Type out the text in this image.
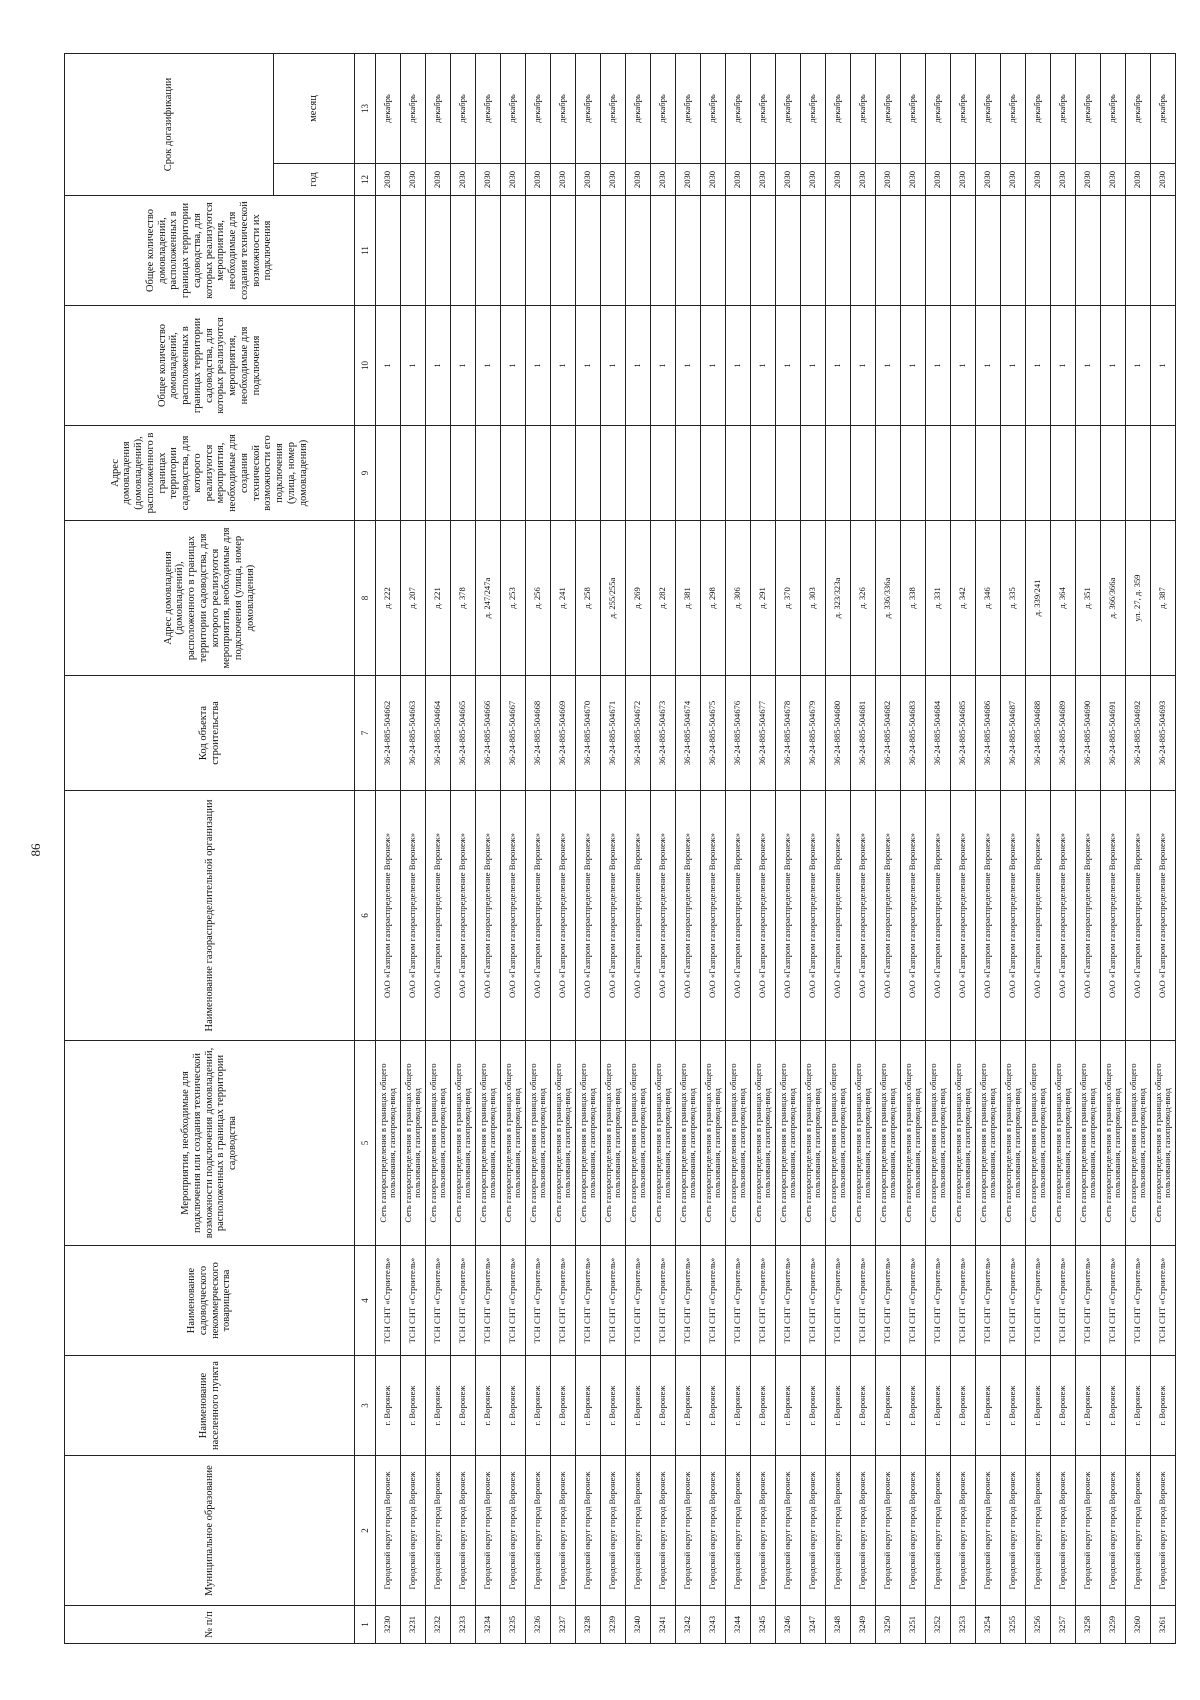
86
№ п/п	Муниципальное образование	Наименование населенного пункта	Наименование садоводческого некоммерческого товарищества	Мероприятия, необходимые для подключения или создания технической возможности подключения домовладений, расположенных в границах территории садоводства	Наименование газораспределительной организации	Код объекта строительства	Адрес домовладения (домовладений), расположенного в границах территории садоводства, для которого реализуются мероприятия, необходимые для подключения (улица, номер домовладения)	Адрес домовладения (домовладений), расположенного в границах территории садоводства, для которого реализуются мероприятия, необходимые для создания технической возможности его подключения (улица, номер домовладения)	Общее количество домовладений, расположенных в границах территории садоводства, для которых реализуются мероприятия, необходимые для подключения	Общее количество домовладений, расположенных в границах территории садоводства, для которых реализуются мероприятия, необходимые для создания технической возможности их подключения	Срок догазификации	
											год	месяц
1	2	3	4	5	6	7	8	9	10	11	12	13
3230	Городской округ город Воронеж	г. Воронеж	ТСН СНТ «Строитель»	Сеть газораспределения в границах общего пользования, газопровод-ввод	ОАО «Газпром газораспределение Воронеж»	36-24-885-504662	д. 222		1		2030	декабрь
3231	Городской округ город Воронеж	г. Воронеж	ТСН СНТ «Строитель»	Сеть газораспределения в границах общего пользования, газопровод-ввод	ОАО «Газпром газораспределение Воронеж»	36-24-885-504663	д. 207		1		2030	декабрь
3232	Городской округ город Воронеж	г. Воронеж	ТСН СНТ «Строитель»	Сеть газораспределения в границах общего пользования, газопровод-ввод	ОАО «Газпром газораспределение Воронеж»	36-24-885-504664	д. 221		1		2030	декабрь
3233	Городской округ город Воронеж	г. Воронеж	ТСН СНТ «Строитель»	Сеть газораспределения в границах общего пользования, газопровод-ввод	ОАО «Газпром газораспределение Воронеж»	36-24-885-504665	д. 378		1		2030	декабрь
3234	Городской округ город Воронеж	г. Воронеж	ТСН СНТ «Строитель»	Сеть газораспределения в границах общего пользования, газопровод-ввод	ОАО «Газпром газораспределение Воронеж»	36-24-885-504666	д. 247/247а		1		2030	декабрь
3235	Городской округ город Воронеж	г. Воронеж	ТСН СНТ «Строитель»	Сеть газораспределения в границах общего пользования, газопровод-ввод	ОАО «Газпром газораспределение Воронеж»	36-24-885-504667	д. 253		1		2030	декабрь
3236	Городской округ город Воронеж	г. Воронеж	ТСН СНТ «Строитель»	Сеть газораспределения в границах общего пользования, газопровод-ввод	ОАО «Газпром газораспределение Воронеж»	36-24-885-504668	д. 256		1		2030	декабрь
3237	Городской округ город Воронеж	г. Воронеж	ТСН СНТ «Строитель»	Сеть газораспределения в границах общего пользования, газопровод-ввод	ОАО «Газпром газораспределение Воронеж»	36-24-885-504669	д. 241		1		2030	декабрь
3238	Городской округ город Воронеж	г. Воронеж	ТСН СНТ «Строитель»	Сеть газораспределения в границах общего пользования, газопровод-ввод	ОАО «Газпром газораспределение Воронеж»	36-24-885-504670	д. 258		1		2030	декабрь
3239	Городской округ город Воронеж	г. Воронеж	ТСН СНТ «Строитель»	Сеть газораспределения в границах общего пользования, газопровод-ввод	ОАО «Газпром газораспределение Воронеж»	36-24-885-504671	д. 255/255а		1		2030	декабрь
3240	Городской округ город Воронеж	г. Воронеж	ТСН СНТ «Строитель»	Сеть газораспределения в границах общего пользования, газопровод-ввод	ОАО «Газпром газораспределение Воронеж»	36-24-885-504672	д. 269		1		2030	декабрь
3241	Городской округ город Воронеж	г. Воронеж	ТСН СНТ «Строитель»	Сеть газораспределения в границах общего пользования, газопровод-ввод	ОАО «Газпром газораспределение Воронеж»	36-24-885-504673	д. 282		1		2030	декабрь
3242	Городской округ город Воронеж	г. Воронеж	ТСН СНТ «Строитель»	Сеть газораспределения в границах общего пользования, газопровод-ввод	ОАО «Газпром газораспределение Воронеж»	36-24-885-504674	д. 381		1		2030	декабрь
3243	Городской округ город Воронеж	г. Воронеж	ТСН СНТ «Строитель»	Сеть газораспределения в границах общего пользования, газопровод-ввод	ОАО «Газпром газораспределение Воронеж»	36-24-885-504675	д. 298		1		2030	декабрь
3244	Городской округ город Воронеж	г. Воронеж	ТСН СНТ «Строитель»	Сеть газораспределения в границах общего пользования, газопровод-ввод	ОАО «Газпром газораспределение Воронеж»	36-24-885-504676	д. 306		1		2030	декабрь
3245	Городской округ город Воронеж	г. Воронеж	ТСН СНТ «Строитель»	Сеть газораспределения в границах общего пользования, газопровод-ввод	ОАО «Газпром газораспределение Воронеж»	36-24-885-504677	д. 291		1		2030	декабрь
3246	Городской округ город Воронеж	г. Воронеж	ТСН СНТ «Строитель»	Сеть газораспределения в границах общего пользования, газопровод-ввод	ОАО «Газпром газораспределение Воронеж»	36-24-885-504678	д. 370		1		2030	декабрь
3247	Городской округ город Воронеж	г. Воронеж	ТСН СНТ «Строитель»	Сеть газораспределения в границах общего пользования, газопровод-ввод	ОАО «Газпром газораспределение Воронеж»	36-24-885-504679	д. 303		1		2030	декабрь
3248	Городской округ город Воронеж	г. Воронеж	ТСН СНТ «Строитель»	Сеть газораспределения в границах общего пользования, газопровод-ввод	ОАО «Газпром газораспределение Воронеж»	36-24-885-504680	д. 323/323а		1		2030	декабрь
3249	Городской округ город Воронеж	г. Воронеж	ТСН СНТ «Строитель»	Сеть газораспределения в границах общего пользования, газопровод-ввод	ОАО «Газпром газораспределение Воронеж»	36-24-885-504681	д. 326		1		2030	декабрь
3250	Городской округ город Воронеж	г. Воронеж	ТСН СНТ «Строитель»	Сеть газораспределения в границах общего пользования, газопровод-ввод	ОАО «Газпром газораспределение Воронеж»	36-24-885-504682	д. 336/336а		1		2030	декабрь
3251	Городской округ город Воронеж	г. Воронеж	ТСН СНТ «Строитель»	Сеть газораспределения в границах общего пользования, газопровод-ввод	ОАО «Газпром газораспределение Воронеж»	36-24-885-504683	д. 338		1		2030	декабрь
3252	Городской округ город Воронеж	г. Воронеж	ТСН СНТ «Строитель»	Сеть газораспределения в границах общего пользования, газопровод-ввод	ОАО «Газпром газораспределение Воронеж»	36-24-885-504684	д. 331		1		2030	декабрь
3253	Городской округ город Воронеж	г. Воронеж	ТСН СНТ «Строитель»	Сеть газораспределения в границах общего пользования, газопровод-ввод	ОАО «Газпром газораспределение Воронеж»	36-24-885-504685	д. 342		1		2030	декабрь
3254	Городской округ город Воронеж	г. Воронеж	ТСН СНТ «Строитель»	Сеть газораспределения в границах общего пользования, газопровод-ввод	ОАО «Газпром газораспределение Воронеж»	36-24-885-504686	д. 346		1		2030	декабрь
3255	Городской округ город Воронеж	г. Воронеж	ТСН СНТ «Строитель»	Сеть газораспределения в границах общего пользования, газопровод-ввод	ОАО «Газпром газораспределение Воронеж»	36-24-885-504687	д. 335		1		2030	декабрь
3256	Городской округ город Воронеж	г. Воронеж	ТСН СНТ «Строитель»	Сеть газораспределения в границах общего пользования, газопровод-ввод	ОАО «Газпром газораспределение Воронеж»	36-24-885-504688	д. 339/241		1		2030	декабрь
3257	Городской округ город Воронеж	г. Воронеж	ТСН СНТ «Строитель»	Сеть газораспределения в границах общего пользования, газопровод-ввод	ОАО «Газпром газораспределение Воронеж»	36-24-885-504689	д. 364		1		2030	декабрь
3258	Городской округ город Воронеж	г. Воронеж	ТСН СНТ «Строитель»	Сеть газораспределения в границах общего пользования, газопровод-ввод	ОАО «Газпром газораспределение Воронеж»	36-24-885-504690	д. 351		1		2030	декабрь
3259	Городской округ город Воронеж	г. Воронеж	ТСН СНТ «Строитель»	Сеть газораспределения в границах общего пользования, газопровод-ввод	ОАО «Газпром газораспределение Воронеж»	36-24-885-504691	д. 366/366а		1		2030	декабрь
3260	Городской округ город Воронеж	г. Воронеж	ТСН СНТ «Строитель»	Сеть газораспределения в границах общего пользования, газопровод-ввод	ОАО «Газпром газораспределение Воронеж»	36-24-885-504692	ул. 27, д. 359		1		2030	декабрь
3261	Городской округ город Воронеж	г. Воронеж	ТСН СНТ «Строитель»	Сеть газораспределения в границах общего пользования, газопровод-ввод	ОАО «Газпром газораспределение Воронеж»	36-24-885-504693	д. 387		1		2030	декабрь
